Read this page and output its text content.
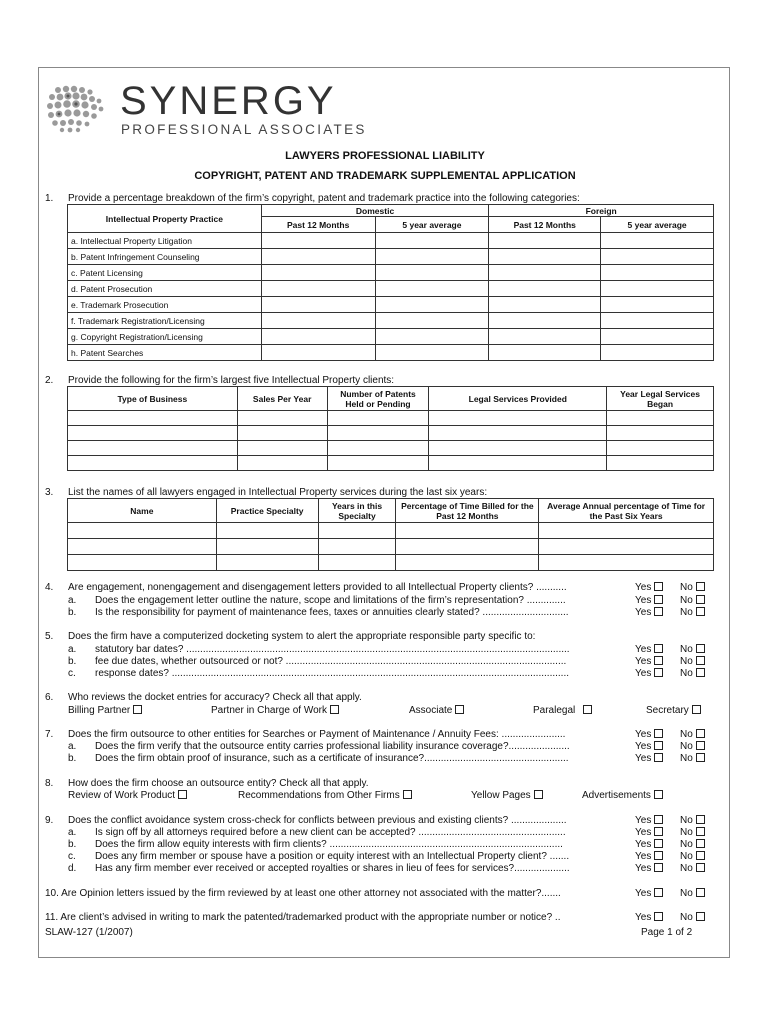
SYNERGY
PROFESSIONAL ASSOCIATES
LAWYERS PROFESSIONAL LIABILITY
COPYRIGHT, PATENT AND TRADEMARK SUPPLEMENTAL APPLICATION
1. Provide a percentage breakdown of the firm’s copyright, patent and trademark practice into the following categories:
Intellectual Property Practice	Domestic		Foreign	
	Past 12 Months	5 year average	Past 12 Months	5 year average
a. Intellectual Property Litigation				
b. Patent Infringement Counseling				
c. Patent Licensing				
d. Patent Prosecution				
e. Trademark Prosecution				
f. Trademark Registration/Licensing				
g. Copyright Registration/Licensing				
h. Patent Searches				
2. Provide the following for the firm’s largest five Intellectual Property clients:
Type of Business	Sales Per Year	Number of Patents Held or Pending	Legal Services Provided	Year Legal Services Began

3. List the names of all lawyers engaged in Intellectual Property services during the last six years:
Name	Practice Specialty	Years in this Specialty	Percentage of Time Billed for the Past 12 Months	Average Annual percentage of Time for the Past Six Years

4. Are engagement, nonengagement and disengagement letters provided to all Intellectual Property clients? ...........	Yes	No
a. Does the engagement letter outline the nature, scope and limitations of the firm’s representation? ..............	Yes	No
b. Is the responsibility for payment of maintenance fees, taxes or annuities clearly stated? ...............................	Yes	No
5. Does the firm have a computerized docketing system to alert the appropriate responsible party specific to:
a. statutory bar dates? ..........................................................................................................................................	Yes	No
b. fee due dates, whether outsourced or not? .....................................................................................................	Yes	No
c. response dates? ...............................................................................................................................................	Yes	No
6. Who reviews the docket entries for accuracy? Check all that apply.
Billing Partner	Partner in Charge of Work	Associate	Paralegal	Secretary
7. Does the firm outsource to other entities for Searches or Payment of Maintenance / Annuity Fees: .......................	Yes	No
a. Does the firm verify that the outsource entity carries professional liability insurance coverage?......................	Yes	No
b. Does the firm obtain proof of insurance, such as a certificate of insurance?....................................................	Yes	No
8. How does the firm choose an outsource entity? Check all that apply.
Review of Work Product	Recommendations from Other Firms	Yellow Pages	Advertisements
9. Does the conflict avoidance system cross-check for conflicts between previous and existing clients? ....................	Yes	No
a. Is sign off by all attorneys required before a new client can be accepted? .....................................................	Yes	No
b. Does the firm allow equity interests with firm clients? ....................................................................................	Yes	No
c. Does any firm member or spouse have a position or equity interest with an Intellectual Property client? .......	Yes	No
d. Has any firm member ever received or accepted royalties or shares in lieu of fees for services?....................	Yes	No
10. Are Opinion letters issued by the firm reviewed by at least one other attorney not associated with the matter?.......	Yes	No
11. Are client’s advised in writing to mark the patented/trademarked product with the appropriate number or notice? ..	Yes	No
SLAW-127 (1/2007)	Page 1 of 2
